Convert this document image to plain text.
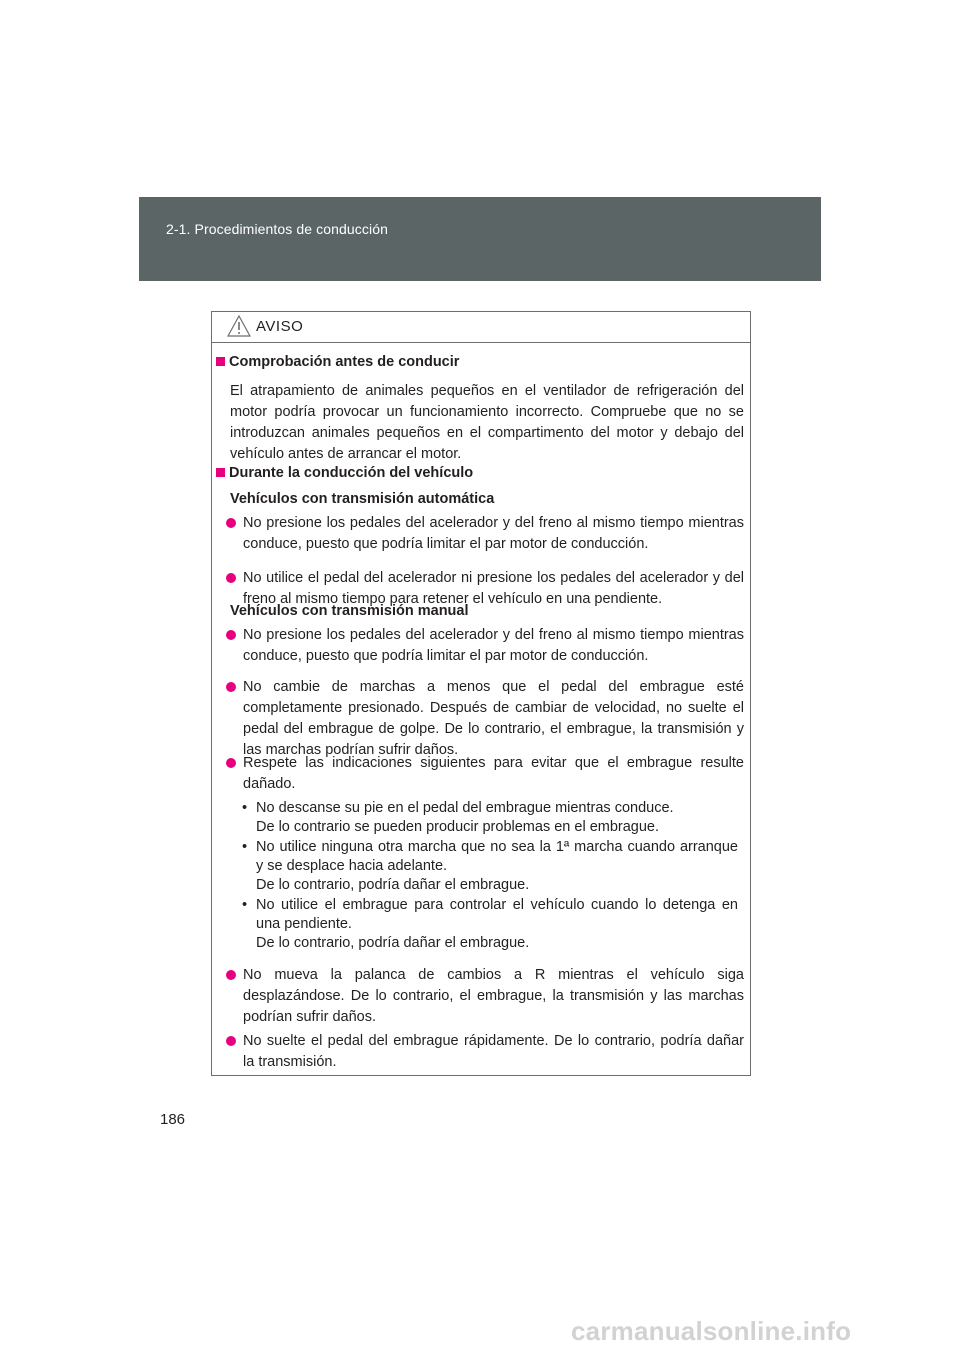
2-1. Procedimientos de conducción
AVISO
Comprobación antes de conducir
El atrapamiento de animales pequeños en el ventilador de refrigeración del motor podría provocar un funcionamiento incorrecto. Compruebe que no se introduzcan animales pequeños en el compartimento del motor y debajo del vehículo antes de arrancar el motor.
Durante la conducción del vehículo
Vehículos con transmisión automática
No presione los pedales del acelerador y del freno al mismo tiempo mientras conduce, puesto que podría limitar el par motor de conducción.
No utilice el pedal del acelerador ni presione los pedales del acelerador y del freno al mismo tiempo para retener el vehículo en una pendiente.
Vehículos con transmisión manual
No presione los pedales del acelerador y del freno al mismo tiempo mientras conduce, puesto que podría limitar el par motor de conducción.
No cambie de marchas a menos que el pedal del embrague esté completamente presionado. Después de cambiar de velocidad, no suelte el pedal del embrague de golpe. De lo contrario, el embrague, la transmisión y las marchas podrían sufrir daños.
Respete las indicaciones siguientes para evitar que el embrague resulte dañado.
• No descanse su pie en el pedal del embrague mientras conduce.
De lo contrario se pueden producir problemas en el embrague.
• No utilice ninguna otra marcha que no sea la 1ª marcha cuando arranque y se desplace hacia adelante.
De lo contrario, podría dañar el embrague.
• No utilice el embrague para controlar el vehículo cuando lo detenga en una pendiente.
De lo contrario, podría dañar el embrague.
No mueva la palanca de cambios a R mientras el vehículo siga desplazándose. De lo contrario, el embrague, la transmisión y las marchas podrían sufrir daños.
No suelte el pedal del embrague rápidamente. De lo contrario, podría dañar la transmisión.
186
carmanualsonline.info
